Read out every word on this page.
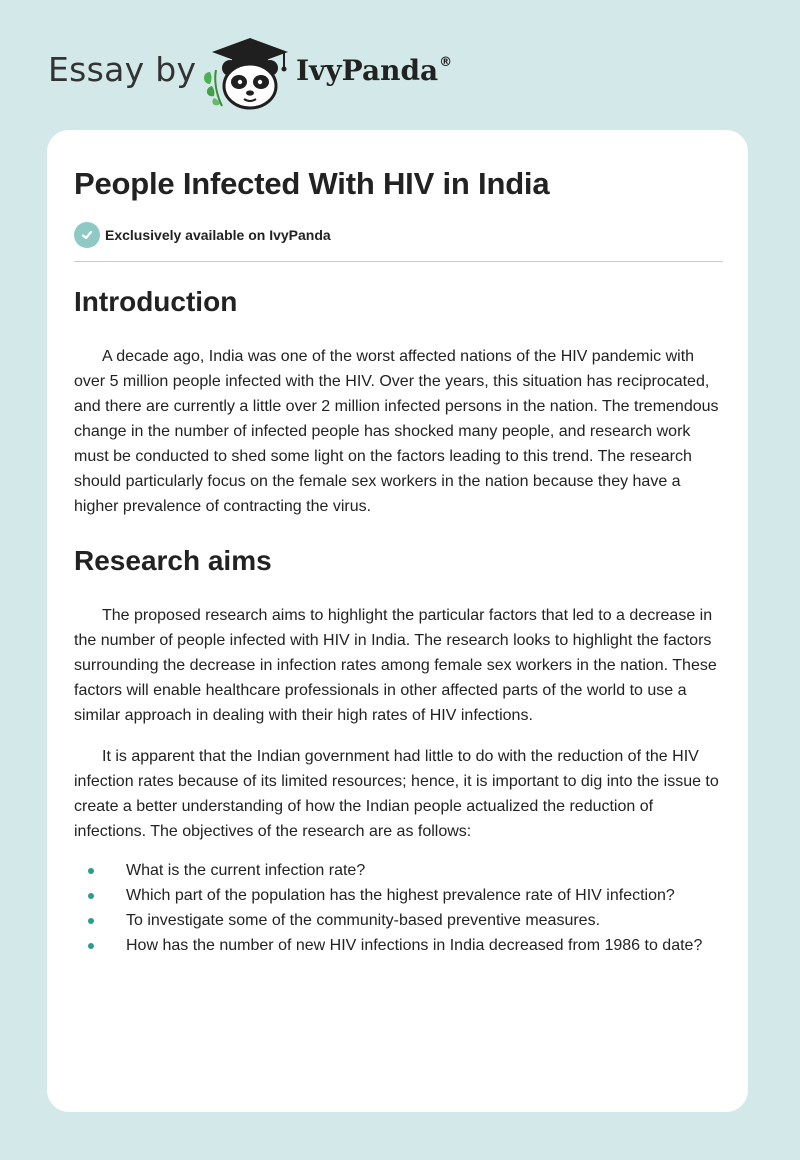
Essay by	IvyPanda®
People Infected With HIV in India
Exclusively available on IvyPanda
Introduction

A decade ago, India was one of the worst affected nations of the HIV pandemic with over 5 million people infected with the HIV. Over the years, this situation has reciprocated, and there are currently a little over 2 million infected persons in the nation. The tremendous change in the number of infected people has shocked many people, and research work must be conducted to shed some light on the factors leading to this trend. The research should particularly focus on the female sex workers in the nation because they have a higher prevalence of contracting the virus.

Research aims

The proposed research aims to highlight the particular factors that led to a decrease in the number of people infected with HIV in India. The research looks to highlight the factors surrounding the decrease in infection rates among female sex workers in the nation. These factors will enable healthcare professionals in other affected parts of the world to use a similar approach in dealing with their high rates of HIV infections.

It is apparent that the Indian government had little to do with the reduction of the HIV infection rates because of its limited resources; hence, it is important to dig into the issue to create a better understanding of how the Indian people actualized the reduction of infections. The objectives of the research are as follows:

What is the current infection rate?
Which part of the population has the highest prevalence rate of HIV infection?
To investigate some of the community-based preventive measures.
How has the number of new HIV infections in India decreased from 1986 to date?
